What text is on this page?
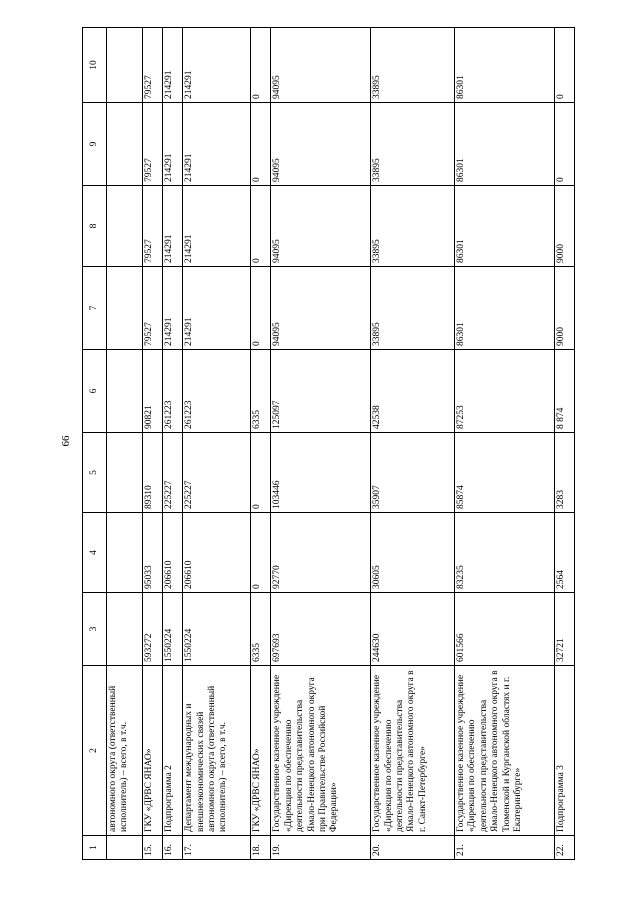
66
1	2	3	4	5	6	7	8	9	10
	автономного округа (ответственный исполнитель) – всего, в т.ч.								
15.	ГКУ «ДРВС ЯНАО»	593272	95033	89310	90821	79527	79527	79527	79527
16.	Подпрограмма 2	1550224	206610	225227	261223	214291	214291	214291	214291
17.	Департамент международных и внешнеэкономических связей автономного округа (ответственный исполнитель) – всего, в т.ч.	1550224	206610	225227	261223	214291	214291	214291	214291
18.	ГКУ «ДРВС ЯНАО»	6335	0	0	6335	0	0	0	0
19.	Государственное казенное учреждение «Дирекция по обеспечению деятельности представительства Ямало-Ненецкого автономного округа при Правительстве Российской Федерации»	697693	92770	103446	125097	94095	94095	94095	94095
20.	Государственное казенное учреждение «Дирекция по обеспечению деятельности представительства Ямало-Ненецкого автономного округа в г. Санкт-Петербурге»	244630	30605	35907	42538	33895	33895	33895	33895
21.	Государственное казенное учреждение «Дирекция по обеспечению деятельности представительства Ямало-Ненецкого автономного округа в Тюменской и Курганской областях и г. Екатеринбурге»	601566	83235	85874	87253	86301	86301	86301	86301
22.	Подпрограмма 3	32721	2564	3283	8 874	9000	9000	0	0
